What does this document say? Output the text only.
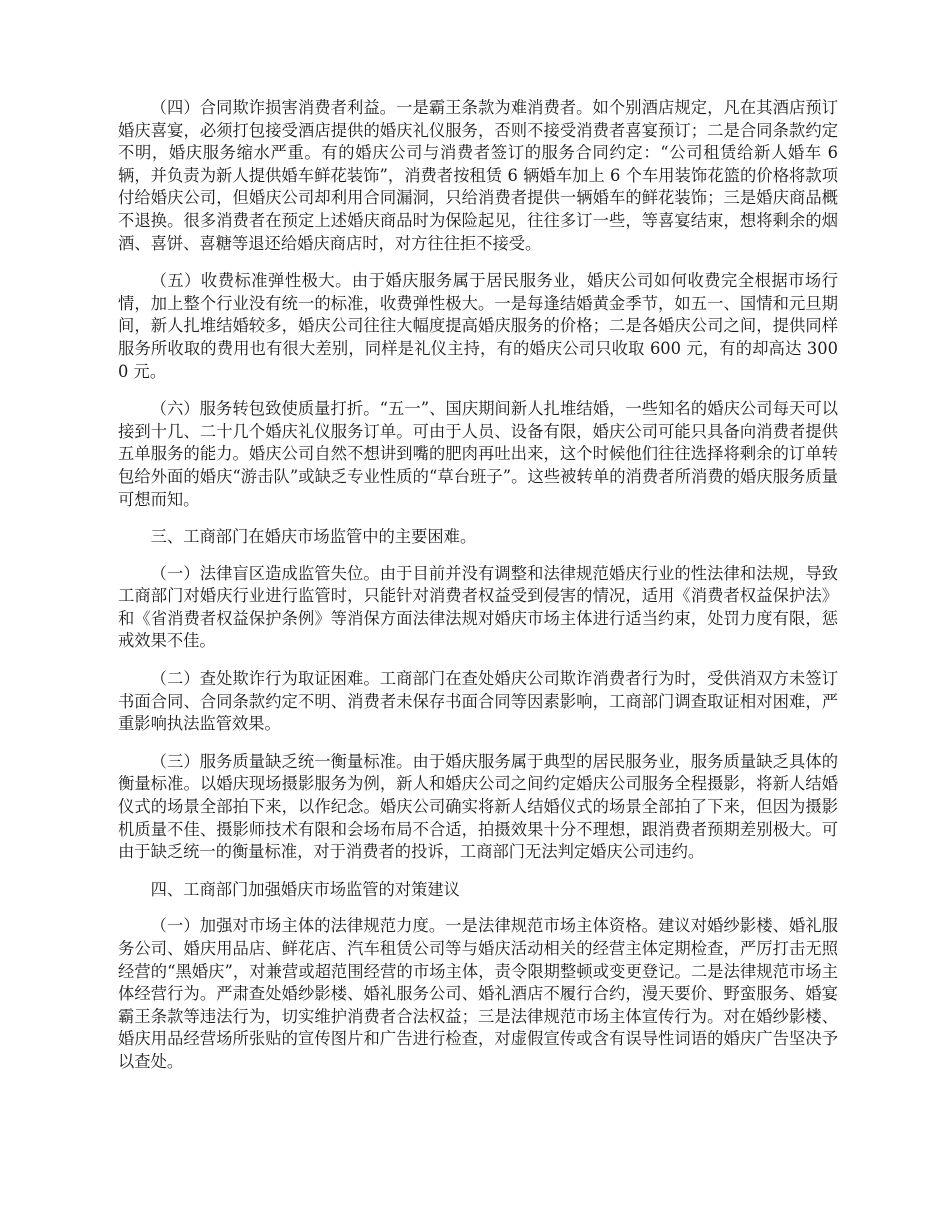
（四）合同欺诈损害消费者利益。一是霸王条款为难消费者。如个别酒店规定，凡在其酒店预订婚庆喜宴，必须打包接受酒店提供的婚庆礼仪服务，否则不接受消费者喜宴预订；二是合同条款约定不明，婚庆服务缩水严重。有的婚庆公司与消费者签订的服务合同约定：“公司租赁给新人婚车 6 辆，并负责为新人提供婚车鲜花装饰”，消费者按租赁 6 辆婚车加上 6 个车用装饰花篮的价格将款项付给婚庆公司，但婚庆公司却利用合同漏洞，只给消费者提供一辆婚车的鲜花装饰；三是婚庆商品概不退换。很多消费者在预定上述婚庆商品时为保险起见，往往多订一些，等喜宴结束，想将剩余的烟酒、喜饼、喜糖等退还给婚庆商店时，对方往往拒不接受。

（五）收费标准弹性极大。由于婚庆服务属于居民服务业，婚庆公司如何收费完全根据市场行情，加上整个行业没有统一的标准，收费弹性极大。一是每逢结婚黄金季节，如五一、国情和元旦期间，新人扎堆结婚较多，婚庆公司往往大幅度提高婚庆服务的价格；二是各婚庆公司之间，提供同样服务所收取的费用也有很大差别，同样是礼仪主持，有的婚庆公司只收取 600 元，有的却高达 3000 元。

（六）服务转包致使质量打折。“五一”、国庆期间新人扎堆结婚，一些知名的婚庆公司每天可以接到十几、二十几个婚庆礼仪服务订单。可由于人员、设备有限，婚庆公司可能只具备向消费者提供五单服务的能力。婚庆公司自然不想讲到嘴的肥肉再吐出来，这个时候他们往往选择将剩余的订单转包给外面的婚庆“游击队”或缺乏专业性质的“草台班子”。这些被转单的消费者所消费的婚庆服务质量可想而知。

三、工商部门在婚庆市场监管中的主要困难。

（一）法律盲区造成监管失位。由于目前并没有调整和法律规范婚庆行业的性法律和法规，导致工商部门对婚庆行业进行监管时，只能针对消费者权益受到侵害的情况，适用《消费者权益保护法》和《省消费者权益保护条例》等消保方面法律法规对婚庆市场主体进行适当约束，处罚力度有限，惩戒效果不佳。

（二）查处欺诈行为取证困难。工商部门在查处婚庆公司欺诈消费者行为时，受供消双方未签订书面合同、合同条款约定不明、消费者未保存书面合同等因素影响，工商部门调查取证相对困难，严重影响执法监管效果。

（三）服务质量缺乏统一衡量标准。由于婚庆服务属于典型的居民服务业，服务质量缺乏具体的衡量标准。以婚庆现场摄影服务为例，新人和婚庆公司之间约定婚庆公司服务全程摄影，将新人结婚仪式的场景全部拍下来，以作纪念。婚庆公司确实将新人结婚仪式的场景全部拍了下来，但因为摄影机质量不佳、摄影师技术有限和会场布局不合适，拍摄效果十分不理想，跟消费者预期差别极大。可由于缺乏统一的衡量标准，对于消费者的投诉，工商部门无法判定婚庆公司违约。

四、工商部门加强婚庆市场监管的对策建议

（一）加强对市场主体的法律规范力度。一是法律规范市场主体资格。建议对婚纱影楼、婚礼服务公司、婚庆用品店、鲜花店、汽车租赁公司等与婚庆活动相关的经营主体定期检查，严厉打击无照经营的“黑婚庆”，对兼营或超范围经营的市场主体，责令限期整顿或变更登记。二是法律规范市场主体经营行为。严肃查处婚纱影楼、婚礼服务公司、婚礼酒店不履行合约，漫天要价、野蛮服务、婚宴霸王条款等违法行为，切实维护消费者合法权益；三是法律规范市场主体宣传行为。对在婚纱影楼、婚庆用品经营场所张贴的宣传图片和广告进行检查，对虚假宣传或含有误导性词语的婚庆广告坚决予以查处。
